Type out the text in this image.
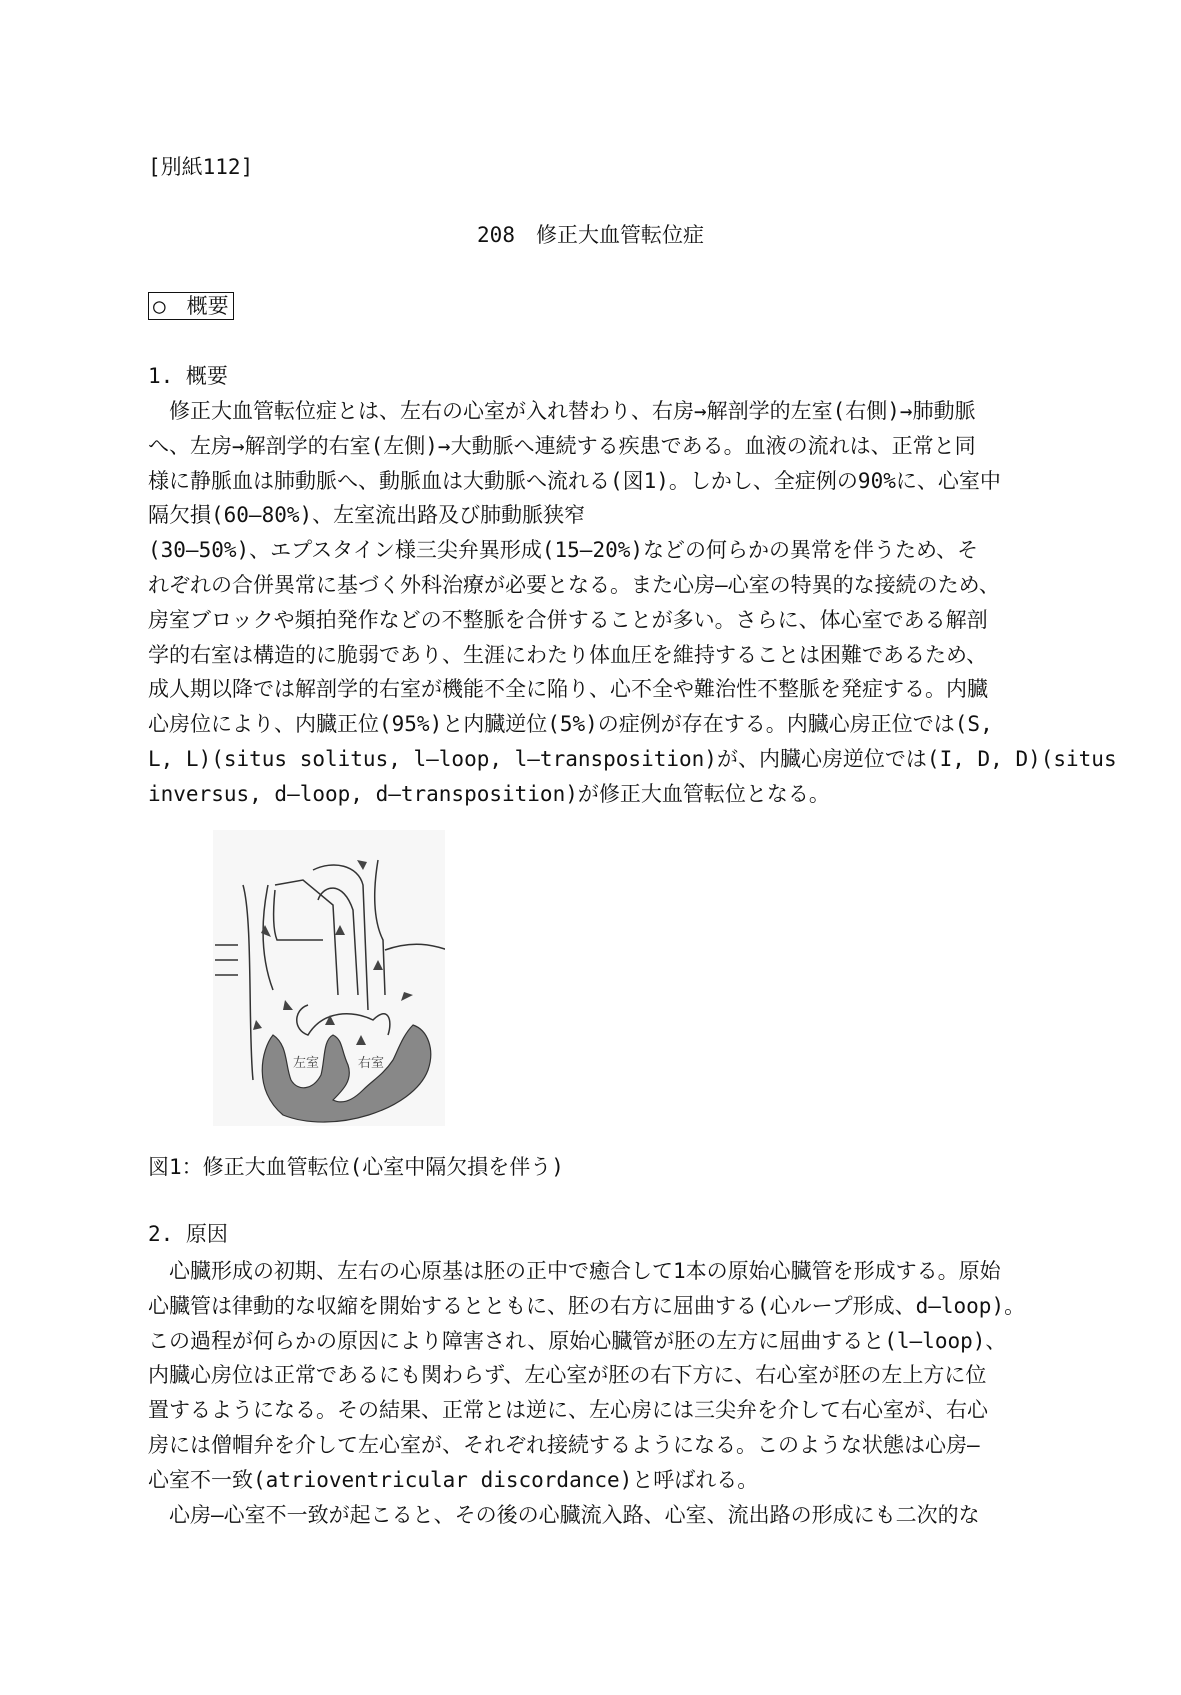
[別紙112]
208　修正大血管転位症
○　概要
1. 概要
　修正大血管転位症とは、左右の心室が入れ替わり、右房→解剖学的左室(右側)→肺動脈
へ、左房→解剖学的右室(左側)→大動脈へ連続する疾患である。血液の流れは、正常と同
様に静脈血は肺動脈へ、動脈血は大動脈へ流れる(図1)。しかし、全症例の90%に、心室中
隔欠損(60―80%)、左室流出路及び肺動脈狭窄
(30―50%)、エプスタイン様三尖弁異形成(15―20%)などの何らかの異常を伴うため、そ
れぞれの合併異常に基づく外科治療が必要となる。また心房―心室の特異的な接続のため、
房室ブロックや頻拍発作などの不整脈を合併することが多い。さらに、体心室である解剖
学的右室は構造的に脆弱であり、生涯にわたり体血圧を維持することは困難であるため、
成人期以降では解剖学的右室が機能不全に陥り、心不全や難治性不整脈を発症する。内臓
心房位により、内臓正位(95%)と内臓逆位(5%)の症例が存在する。内臓心房正位では(S,
L, L)(situs solitus, l―loop, l―transposition)が、内臓心房逆位では(I, D, D)(situs
inversus, d―loop, d―transposition)が修正大血管転位となる。
左室	右室
図1：修正大血管転位(心室中隔欠損を伴う)
2. 原因
　心臓形成の初期、左右の心原基は胚の正中で癒合して1本の原始心臓管を形成する。原始
心臓管は律動的な収縮を開始するとともに、胚の右方に屈曲する(心ループ形成、d―loop)。
この過程が何らかの原因により障害され、原始心臓管が胚の左方に屈曲すると(l―loop)、
内臓心房位は正常であるにも関わらず、左心室が胚の右下方に、右心室が胚の左上方に位
置するようになる。その結果、正常とは逆に、左心房には三尖弁を介して右心室が、右心
房には僧帽弁を介して左心室が、それぞれ接続するようになる。このような状態は心房―
心室不一致(atrioventricular discordance)と呼ばれる。
　心房―心室不一致が起こると、その後の心臓流入路、心室、流出路の形成にも二次的な
